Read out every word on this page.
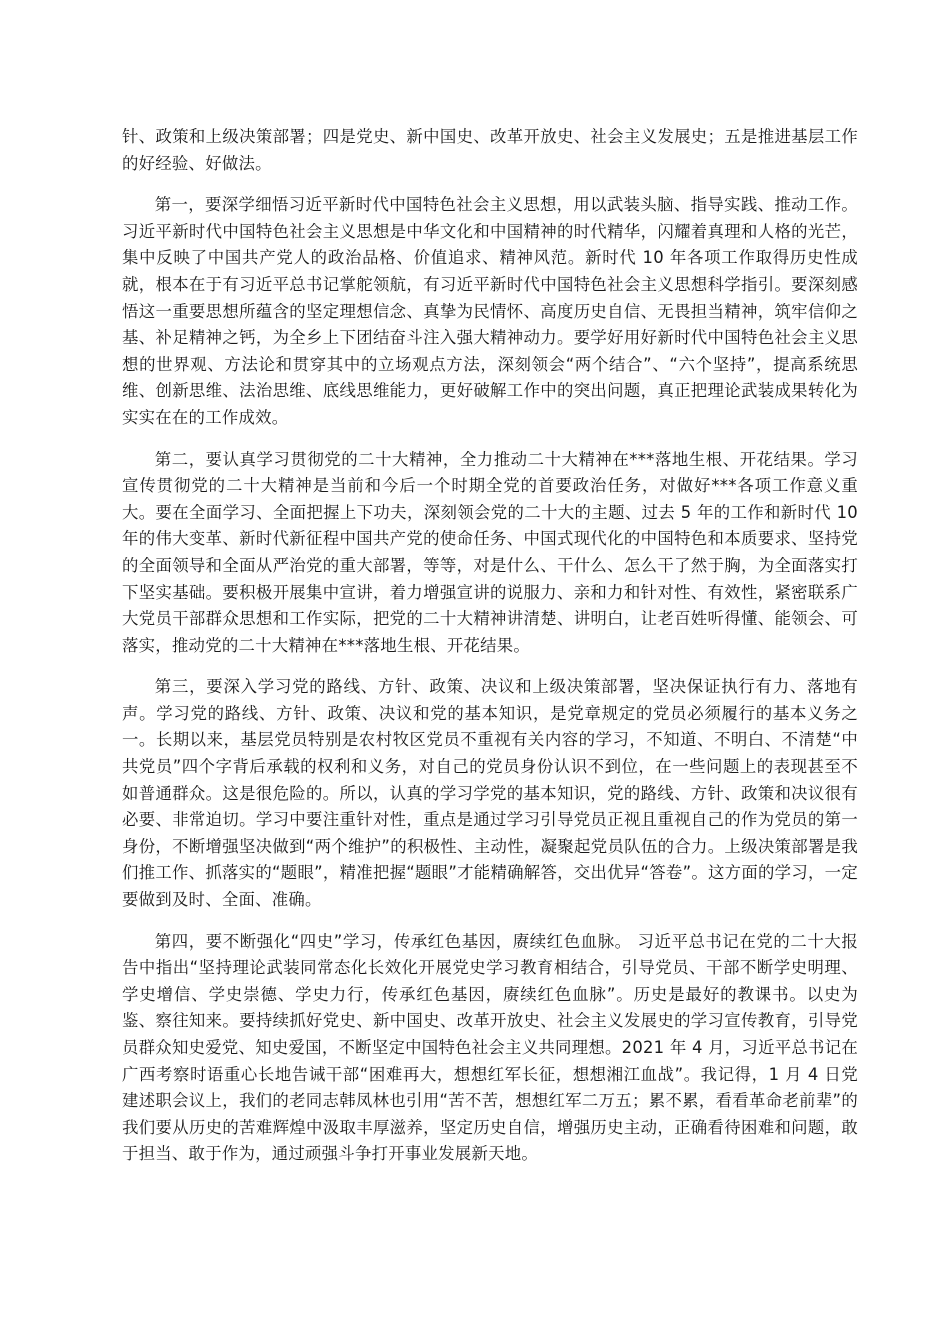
针、政策和上级决策部署；四是党史、新中国史、改革开放史、社会主义发展史；五是推进基层工作的好经验、好做法。

第一，要深学细悟习近平新时代中国特色社会主义思想，用以武装头脑、指导实践、推动工作。习近平新时代中国特色社会主义思想是中华文化和中国精神的时代精华，闪耀着真理和人格的光芒，集中反映了中国共产党人的政治品格、价值追求、精神风范。新时代 10 年各项工作取得历史性成就，根本在于有习近平总书记掌舵领航，有习近平新时代中国特色社会主义思想科学指引。要深刻感悟这一重要思想所蕴含的坚定理想信念、真挚为民情怀、高度历史自信、无畏担当精神，筑牢信仰之基、补足精神之钙，为全乡上下团结奋斗注入强大精神动力。要学好用好新时代中国特色社会主义思想的世界观、方法论和贯穿其中的立场观点方法，深刻领会“两个结合”、“六个坚持”，提高系统思维、创新思维、法治思维、底线思维能力，更好破解工作中的突出问题，真正把理论武装成果转化为实实在在的工作成效。

第二，要认真学习贯彻党的二十大精神，全力推动二十大精神在***落地生根、开花结果。学习宣传贯彻党的二十大精神是当前和今后一个时期全党的首要政治任务，对做好***各项工作意义重大。要在全面学习、全面把握上下功夫，深刻领会党的二十大的主题、过去 5 年的工作和新时代 10 年的伟大变革、新时代新征程中国共产党的使命任务、中国式现代化的中国特色和本质要求、坚持党的全面领导和全面从严治党的重大部署，等等，对是什么、干什么、怎么干了然于胸，为全面落实打下坚实基础。要积极开展集中宣讲，着力增强宣讲的说服力、亲和力和针对性、有效性，紧密联系广大党员干部群众思想和工作实际，把党的二十大精神讲清楚、讲明白，让老百姓听得懂、能领会、可落实，推动党的二十大精神在***落地生根、开花结果。

第三，要深入学习党的路线、方针、政策、决议和上级决策部署，坚决保证执行有力、落地有声。学习党的路线、方针、政策、决议和党的基本知识，是党章规定的党员必须履行的基本义务之一。长期以来，基层党员特别是农村牧区党员不重视有关内容的学习，不知道、不明白、不清楚“中共党员”四个字背后承载的权利和义务，对自己的党员身份认识不到位，在一些问题上的表现甚至不如普通群众。这是很危险的。所以，认真的学习学党的基本知识，党的路线、方针、政策和决议很有必要、非常迫切。学习中要注重针对性，重点是通过学习引导党员正视且重视自己的作为党员的第一身份，不断增强坚决做到“两个维护”的积极性、主动性，凝聚起党员队伍的合力。上级决策部署是我们推工作、抓落实的“题眼”，精准把握“题眼”才能精确解答，交出优异“答卷”。这方面的学习，一定要做到及时、全面、准确。

第四，要不断强化“四史”学习，传承红色基因，赓续红色血脉。 习近平总书记在党的二十大报告中指出“坚持理论武装同常态化长效化开展党史学习教育相结合，引导党员、干部不断学史明理、学史增信、学史崇德、学史力行，传承红色基因，赓续红色血脉”。历史是最好的教课书。以史为鉴、察往知来。要持续抓好党史、新中国史、改革开放史、社会主义发展史的学习宣传教育，引导党员群众知史爱党、知史爱国，不断坚定中国特色社会主义共同理想。2021 年 4 月，习近平总书记在广西考察时语重心长地告诫干部“困难再大，想想红军长征，想想湘江血战”。我记得，1 月 4 日党建述职会议上，我们的老同志韩凤林也引用“苦不苦，想想红军二万五；累不累，看看革命老前辈”的我们要从历史的苦难辉煌中汲取丰厚滋养，坚定历史自信，增强历史主动，正确看待困难和问题，敢于担当、敢于作为，通过顽强斗争打开事业发展新天地。
